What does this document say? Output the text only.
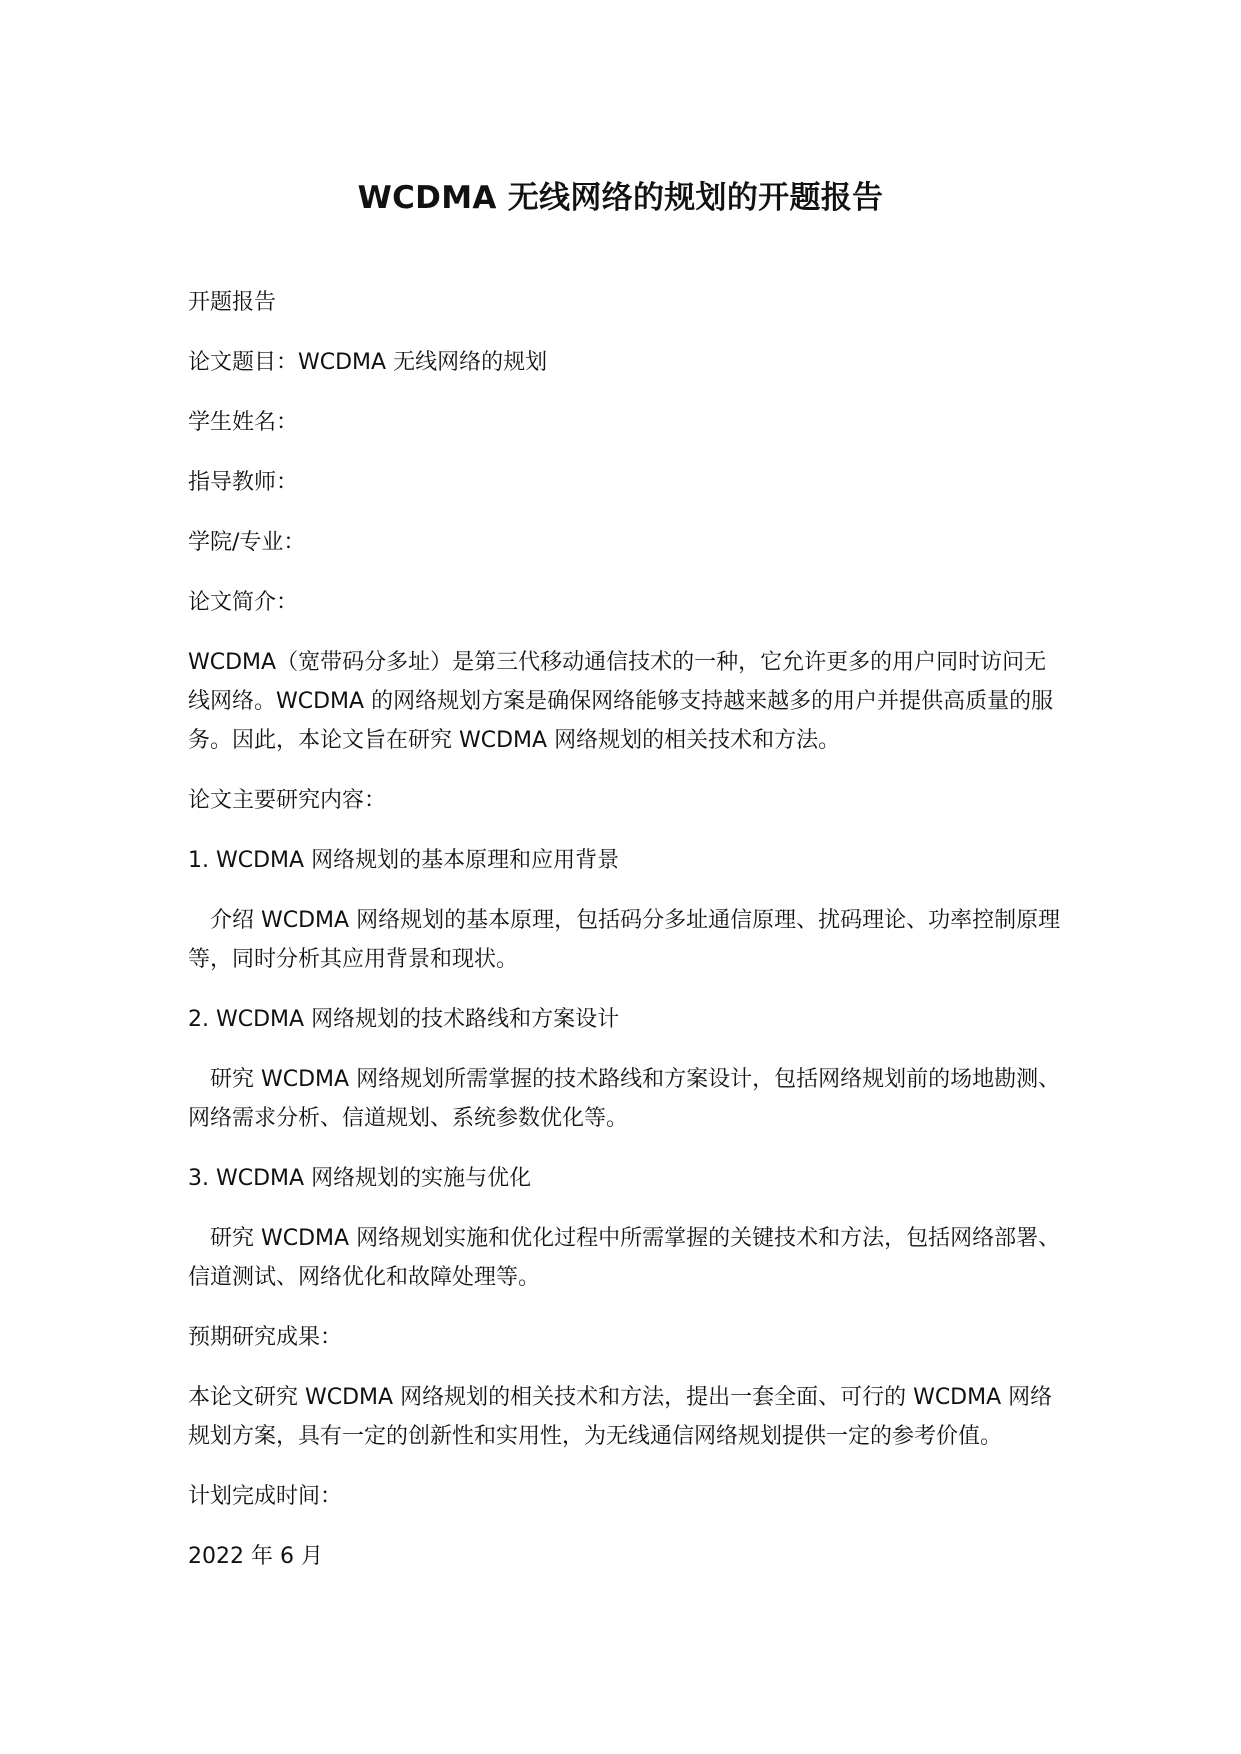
WCDMA 无线网络的规划的开题报告

开题报告

论文题目：WCDMA 无线网络的规划

学生姓名：

指导教师：

学院/专业：

论文简介：

WCDMA（宽带码分多址）是第三代移动通信技术的一种，它允许更多的用户同时访问无线网络。WCDMA 的网络规划方案是确保网络能够支持越来越多的用户并提供高质量的服务。因此，本论文旨在研究 WCDMA 网络规划的相关技术和方法。

论文主要研究内容：

1. WCDMA 网络规划的基本原理和应用背景

介绍 WCDMA 网络规划的基本原理，包括码分多址通信原理、扰码理论、功率控制原理等，同时分析其应用背景和现状。

2. WCDMA 网络规划的技术路线和方案设计

研究 WCDMA 网络规划所需掌握的技术路线和方案设计，包括网络规划前的场地勘测、网络需求分析、信道规划、系统参数优化等。

3. WCDMA 网络规划的实施与优化

研究 WCDMA 网络规划实施和优化过程中所需掌握的关键技术和方法，包括网络部署、信道测试、网络优化和故障处理等。

预期研究成果：

本论文研究 WCDMA 网络规划的相关技术和方法，提出一套全面、可行的 WCDMA 网络规划方案，具有一定的创新性和实用性，为无线通信网络规划提供一定的参考价值。

计划完成时间：

2022 年 6 月
